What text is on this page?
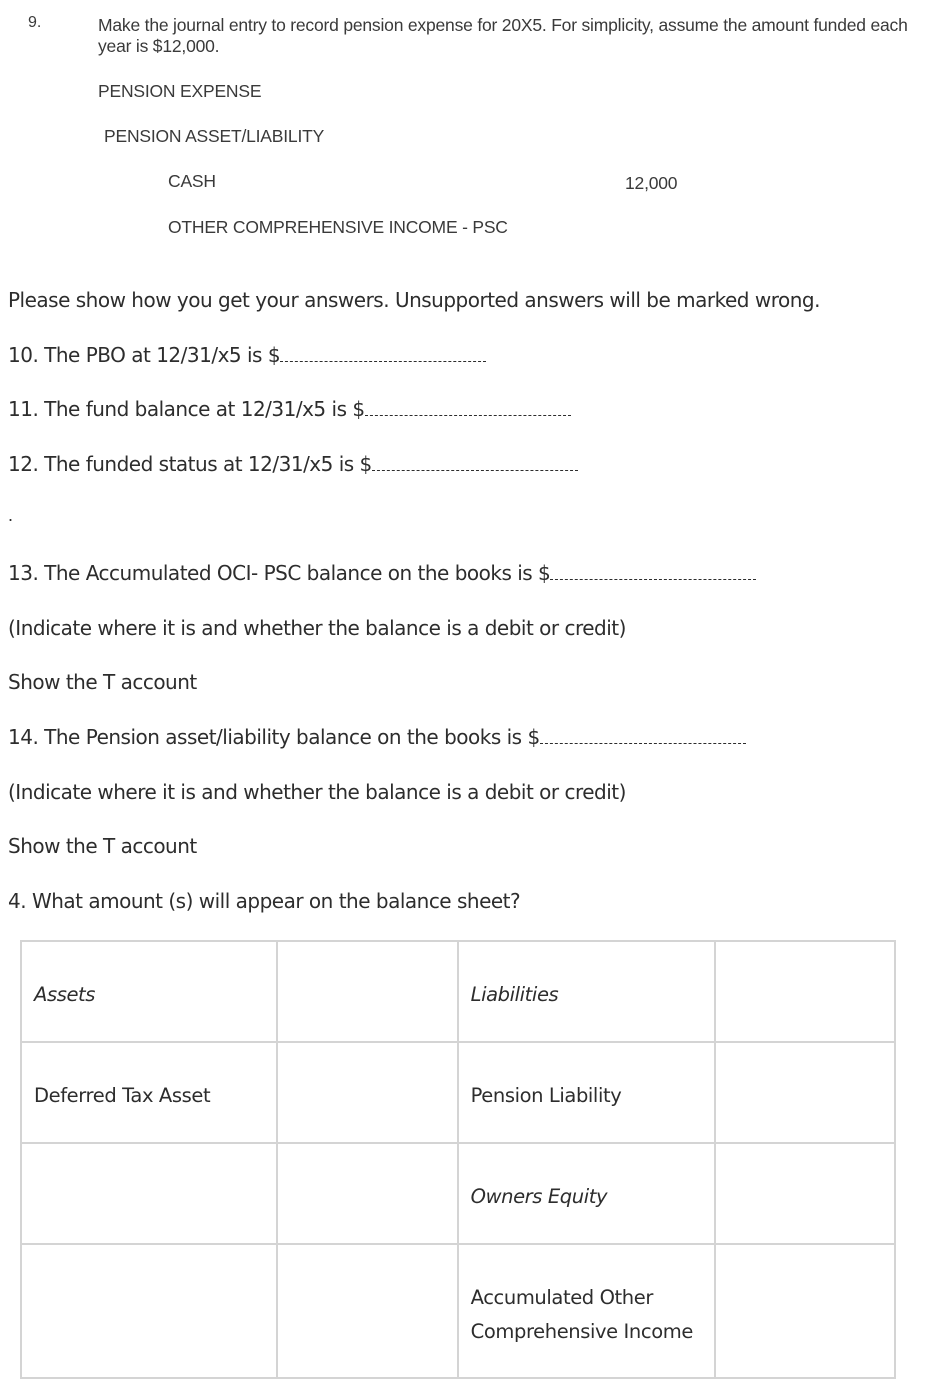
9.	Make the journal entry to record pension expense for 20X5. For simplicity, assume the amount funded each year is $12,000.
PENSION EXPENSE
PENSION ASSET/LIABILITY
CASH	12,000
OTHER COMPREHENSIVE INCOME - PSC
Please show how you get your answers. Unsupported answers will be marked wrong.
10. The PBO at 12/31/x5 is $
11. The fund balance at 12/31/x5 is $
12. The funded status at 12/31/x5 is $
.
13. The Accumulated OCI- PSC balance on the books is $
(Indicate where it is and whether the balance is a debit or credit)
Show the T account
14. The Pension asset/liability balance on the books is $
(Indicate where it is and whether the balance is a debit or credit)
Show the T account
4. What amount (s) will appear on the balance sheet?
Assets		Liabilities	

Deferred Tax Asset		Pension Liability	

		Owners Equity	

		Accumulated Other Comprehensive Income	
